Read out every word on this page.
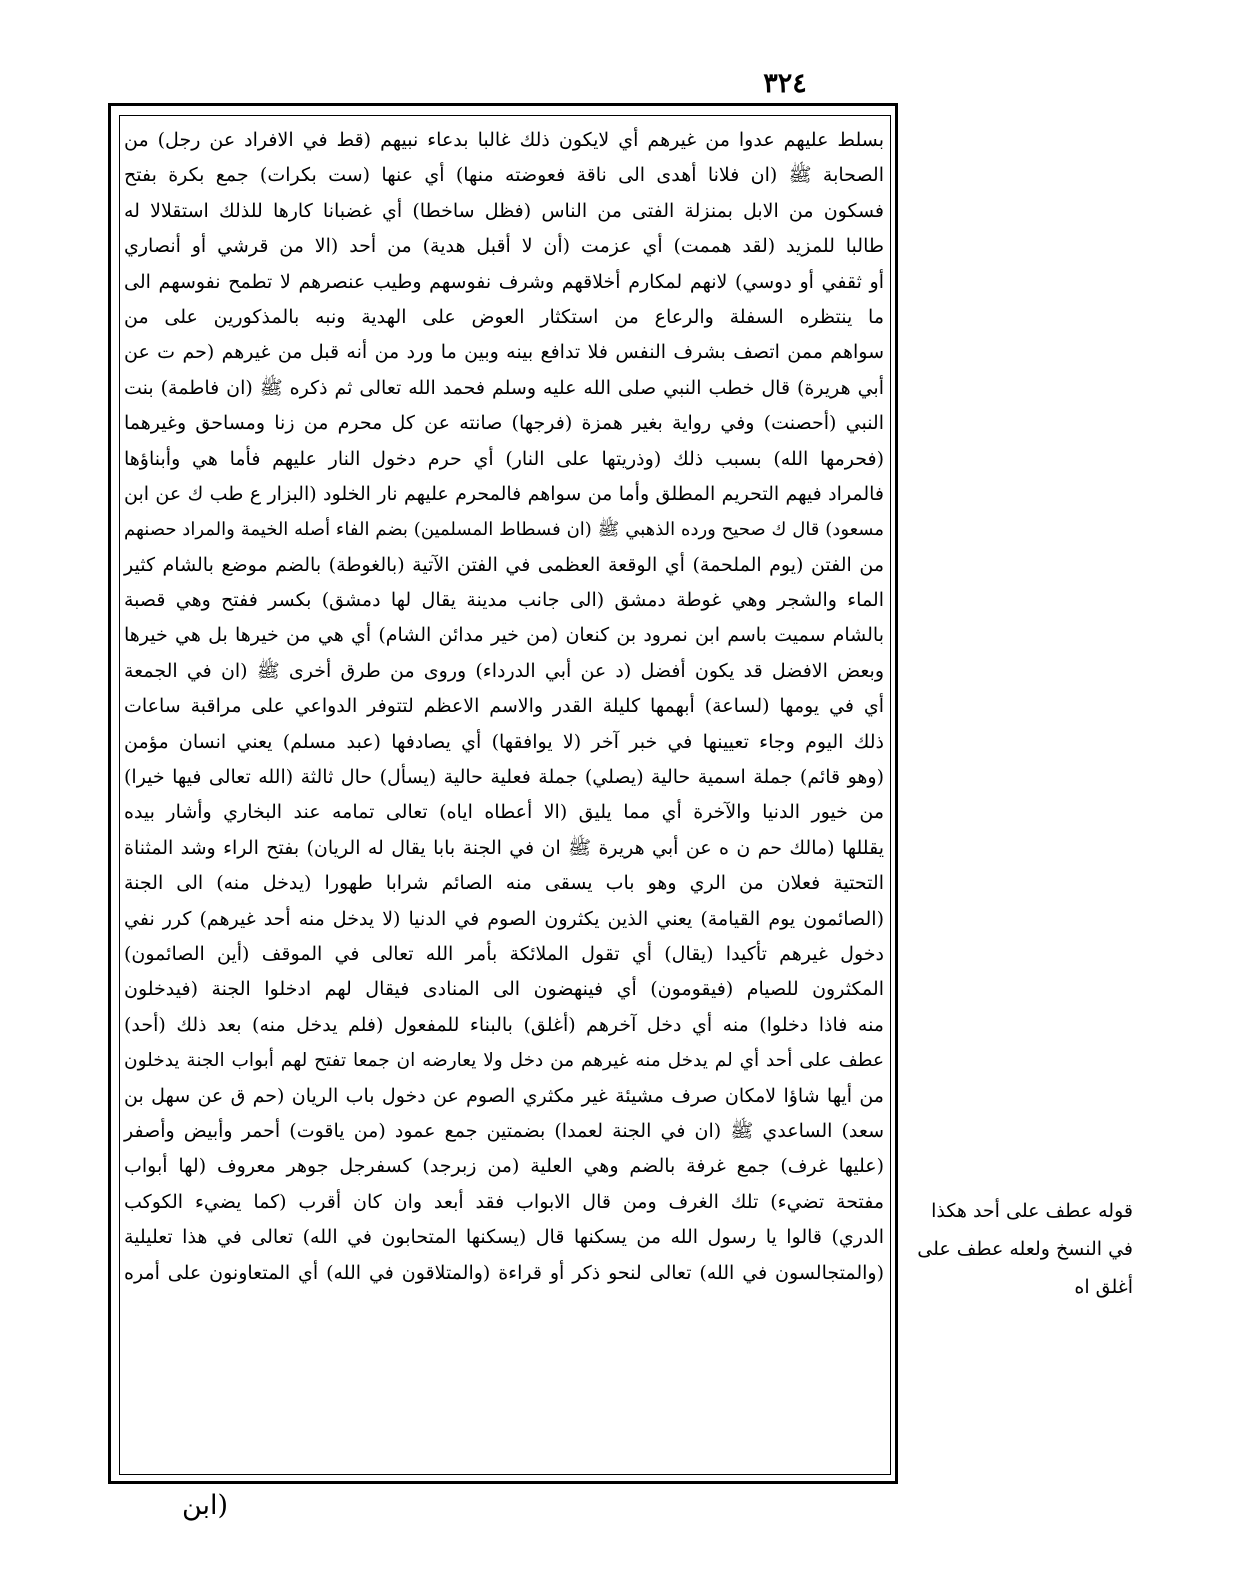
٣٢٤
بسلط عليهم عدوا من غيرهم أي لايكون ذلك غالبا بدعاء نبيهم (قط في الافراد عن رجل) من
الصحابة ﷺ (ان فلانا أهدى الى ناقة فعوضته منها) أي عنها (ست بكرات) جمع بكرة بفتح
فسكون من الابل بمنزلة الفتى من الناس (فظل ساخطا) أي غضبانا كارها للذلك استقلالا له
طالبا للمزيد (لقد هممت) أي عزمت (أن لا أقبل هدية) من أحد (الا من قرشي أو أنصاري
أو ثقفي أو دوسي) لانهم لمكارم أخلاقهم وشرف نفوسهم وطيب عنصرهم لا تطمح نفوسهم الى
ما ينتظره السفلة والرعاع من استكثار العوض على الهدية ونبه بالمذكورين على من
سواهم ممن اتصف بشرف النفس فلا تدافع بينه وبين ما ورد من أنه قبل من غيرهم (حم ت عن
أبي هريرة) قال خطب النبي صلى الله عليه وسلم فحمد الله تعالى ثم ذكره ﷺ (ان فاطمة) بنت
النبي (أحصنت) وفي رواية بغير همزة (فرجها) صانته عن كل محرم من زنا ومساحق وغيرهما
(فحرمها الله) بسبب ذلك (وذريتها على النار) أي حرم دخول النار عليهم فأما هي وأبناؤها
فالمراد فيهم التحريم المطلق وأما من سواهم فالمحرم عليهم نار الخلود (البزار ع طب ك عن ابن
مسعود) قال ك صحيح ورده الذهبي ﷺ (ان فسطاط المسلمين) بضم الفاء أصله الخيمة والمراد حصنهم
من الفتن (يوم الملحمة) أي الوقعة العظمى في الفتن الآتية (بالغوطة) بالضم موضع بالشام كثير
الماء والشجر وهي غوطة دمشق (الى جانب مدينة يقال لها دمشق) بكسر ففتح وهي قصبة
بالشام سميت باسم ابن نمرود بن كنعان (من خير مدائن الشام) أي هي من خيرها بل هي خيرها
وبعض الافضل قد يكون أفضل (د عن أبي الدرداء) وروى من طرق أخرى ﷺ (ان في الجمعة
أي في يومها (لساعة) أبهمها كليلة القدر والاسم الاعظم لتتوفر الدواعي على مراقبة ساعات
ذلك اليوم وجاء تعيينها في خبر آخر (لا يوافقها) أي يصادفها (عبد مسلم) يعني انسان مؤمن
(وهو قائم) جملة اسمية حالية (يصلي) جملة فعلية حالية (يسأل) حال ثالثة (الله تعالى فيها خيرا)
من خيور الدنيا والآخرة أي مما يليق (الا أعطاه اياه) تعالى تمامه عند البخاري وأشار بيده
يقللها (مالك حم ن ه عن أبي هريرة ﷺ ان في الجنة بابا يقال له الريان) بفتح الراء وشد المثناة
التحتية فعلان من الري وهو باب يسقى منه الصائم شرابا طهورا (يدخل منه) الى الجنة
(الصائمون يوم القيامة) يعني الذين يكثرون الصوم في الدنيا (لا يدخل منه أحد غيرهم) كرر نفي
دخول غيرهم تأكيدا (يقال) أي تقول الملائكة بأمر الله تعالى في الموقف (أين الصائمون)
المكثرون للصيام (فيقومون) أي فينهضون الى المنادى فيقال لهم ادخلوا الجنة (فيدخلون
منه فاذا دخلوا) منه أي دخل آخرهم (أغلق) بالبناء للمفعول (فلم يدخل منه) بعد ذلك (أحد)
عطف على أحد أي لم يدخل منه غيرهم من دخل ولا يعارضه ان جمعا تفتح لهم أبواب الجنة يدخلون
من أيها شاؤا لامكان صرف مشيئة غير مكثري الصوم عن دخول باب الريان (حم ق عن سهل بن
سعد) الساعدي ﷺ (ان في الجنة لعمدا) بضمتين جمع عمود (من ياقوت) أحمر وأبيض وأصفر
(عليها غرف) جمع غرفة بالضم وهي العلية (من زبرجد) كسفرجل جوهر معروف (لها أبواب
مفتحة تضيء) تلك الغرف ومن قال الابواب فقد أبعد وان كان أقرب (كما يضيء الكوكب
الدري) قالوا يا رسول الله من يسكنها قال (يسكنها المتحابون في الله) تعالى في هذا تعليلية
(والمتجالسون في الله) تعالى لنحو ذكر أو قراءة (والمتلاقون في الله) أي المتعاونون على أمره
قوله عطف على أحد هكذا
في النسخ ولعله عطف على
أغلق اه
(ابن
